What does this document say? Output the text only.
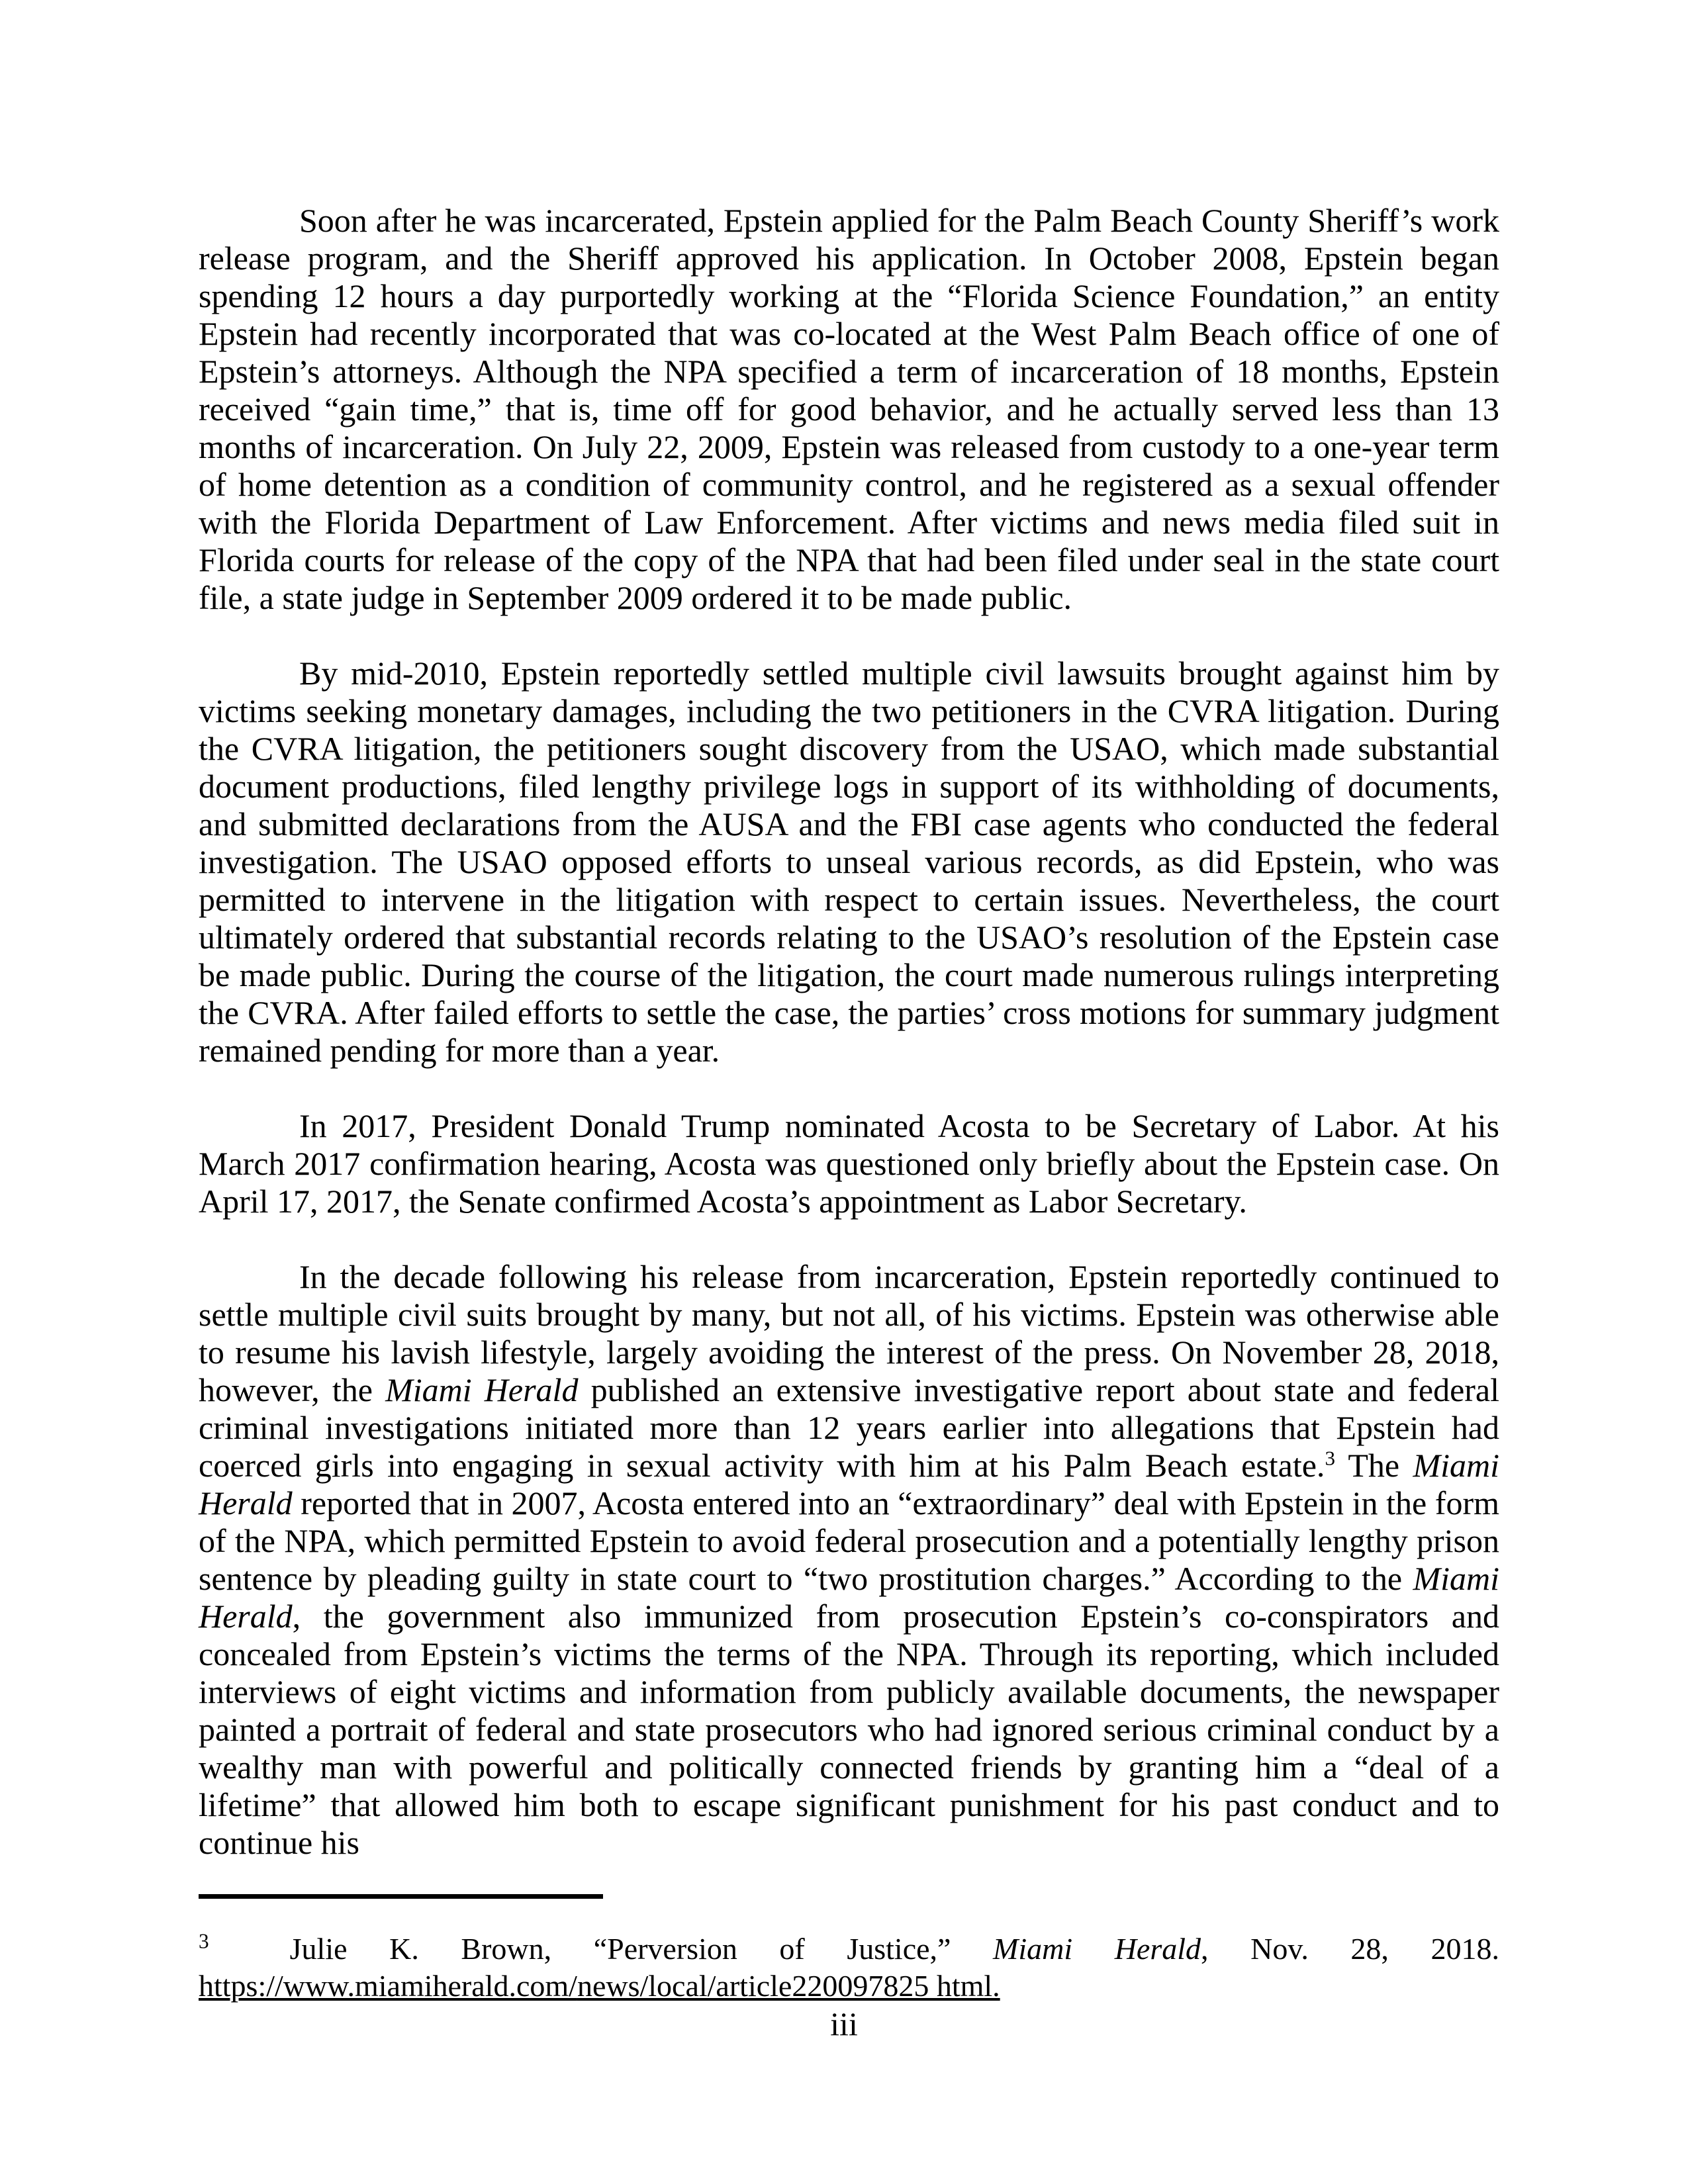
Soon after he was incarcerated, Epstein applied for the Palm Beach County Sheriff’s work release program, and the Sheriff approved his application. In October 2008, Epstein began spending 12 hours a day purportedly working at the “Florida Science Foundation,” an entity Epstein had recently incorporated that was co-located at the West Palm Beach office of one of Epstein’s attorneys. Although the NPA specified a term of incarceration of 18 months, Epstein received “gain time,” that is, time off for good behavior, and he actually served less than 13 months of incarceration. On July 22, 2009, Epstein was released from custody to a one-year term of home detention as a condition of community control, and he registered as a sexual offender with the Florida Department of Law Enforcement. After victims and news media filed suit in Florida courts for release of the copy of the NPA that had been filed under seal in the state court file, a state judge in September 2009 ordered it to be made public.

By mid-2010, Epstein reportedly settled multiple civil lawsuits brought against him by victims seeking monetary damages, including the two petitioners in the CVRA litigation. During the CVRA litigation, the petitioners sought discovery from the USAO, which made substantial document productions, filed lengthy privilege logs in support of its withholding of documents, and submitted declarations from the AUSA and the FBI case agents who conducted the federal investigation. The USAO opposed efforts to unseal various records, as did Epstein, who was permitted to intervene in the litigation with respect to certain issues. Nevertheless, the court ultimately ordered that substantial records relating to the USAO’s resolution of the Epstein case be made public. During the course of the litigation, the court made numerous rulings interpreting the CVRA. After failed efforts to settle the case, the parties’ cross motions for summary judgment remained pending for more than a year.

In 2017, President Donald Trump nominated Acosta to be Secretary of Labor. At his March 2017 confirmation hearing, Acosta was questioned only briefly about the Epstein case. On April 17, 2017, the Senate confirmed Acosta’s appointment as Labor Secretary.

In the decade following his release from incarceration, Epstein reportedly continued to settle multiple civil suits brought by many, but not all, of his victims. Epstein was otherwise able to resume his lavish lifestyle, largely avoiding the interest of the press. On November 28, 2018, however, the Miami Herald published an extensive investigative report about state and federal criminal investigations initiated more than 12 years earlier into allegations that Epstein had coerced girls into engaging in sexual activity with him at his Palm Beach estate.$^3$ The Miami Herald reported that in 2007, Acosta entered into an “extraordinary” deal with Epstein in the form of the NPA, which permitted Epstein to avoid federal prosecution and a potentially lengthy prison sentence by pleading guilty in state court to “two prostitution charges.” According to the Miami Herald, the government also immunized from prosecution Epstein’s co-conspirators and concealed from Epstein’s victims the terms of the NPA. Through its reporting, which included interviews of eight victims and information from publicly available documents, the newspaper painted a portrait of federal and state prosecutors who had ignored serious criminal conduct by a wealthy man with powerful and politically connected friends by granting him a “deal of a lifetime” that allowed him both to escape significant punishment for his past conduct and to continue his

$^3$	Julie K. Brown, “Perversion of Justice,” Miami Herald, Nov. 28, 2018. https://www.miamiherald.com/news/local/article220097825 html.
iii
